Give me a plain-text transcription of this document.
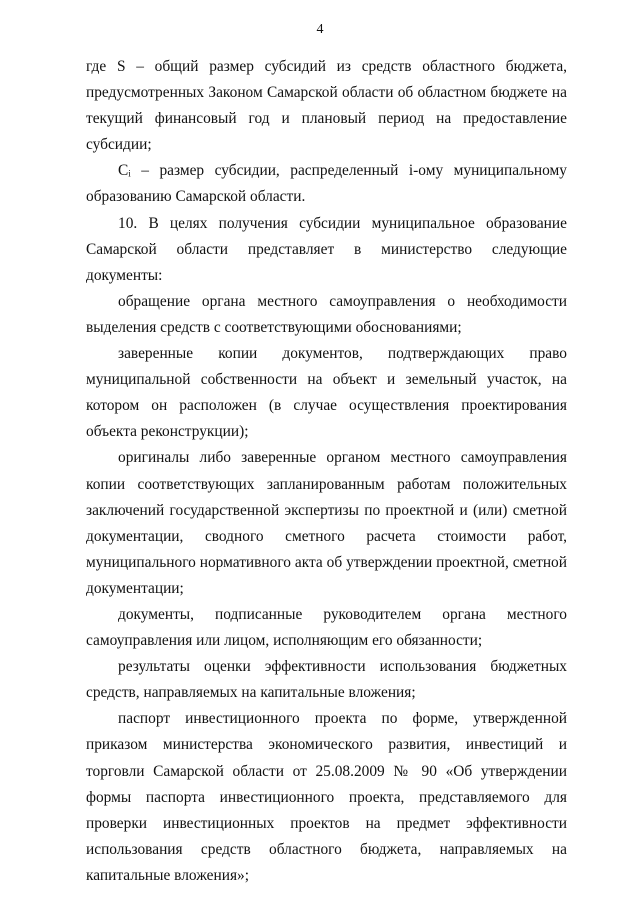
4

где S – общий размер субсидий из средств областного бюджета, предусмотренных Законом Самарской области об областном бюджете на текущий финансовый год и плановый период на предоставление субсидии;

Cᵢ – размер субсидии, распределенный i-ому муниципальному образованию Самарской области.

10. В целях получения субсидии муниципальное образование Самарской области представляет в министерство следующие документы:

обращение органа местного самоуправления о необходимости выделения средств с соответствующими обоснованиями;

заверенные копии документов, подтверждающих право муниципальной собственности на объект и земельный участок, на котором он расположен (в случае осуществления проектирования объекта реконструкции);

оригиналы либо заверенные органом местного самоуправления копии соответствующих запланированным работам положительных заключений государственной экспертизы по проектной и (или) сметной документации, сводного сметного расчета стоимости работ, муниципального нормативного акта об утверждении проектной, сметной документации;

документы, подписанные руководителем органа местного самоуправления или лицом, исполняющим его обязанности;

результаты оценки эффективности использования бюджетных средств, направляемых на капитальные вложения;

паспорт инвестиционного проекта по форме, утвержденной приказом министерства экономического развития, инвестиций и торговли Самарской области от 25.08.2009 № 90 «Об утверждении формы паспорта инвестиционного проекта, представляемого для проверки инвестиционных проектов на предмет эффективности использования средств областного бюджета, направляемых на капитальные вложения»;
